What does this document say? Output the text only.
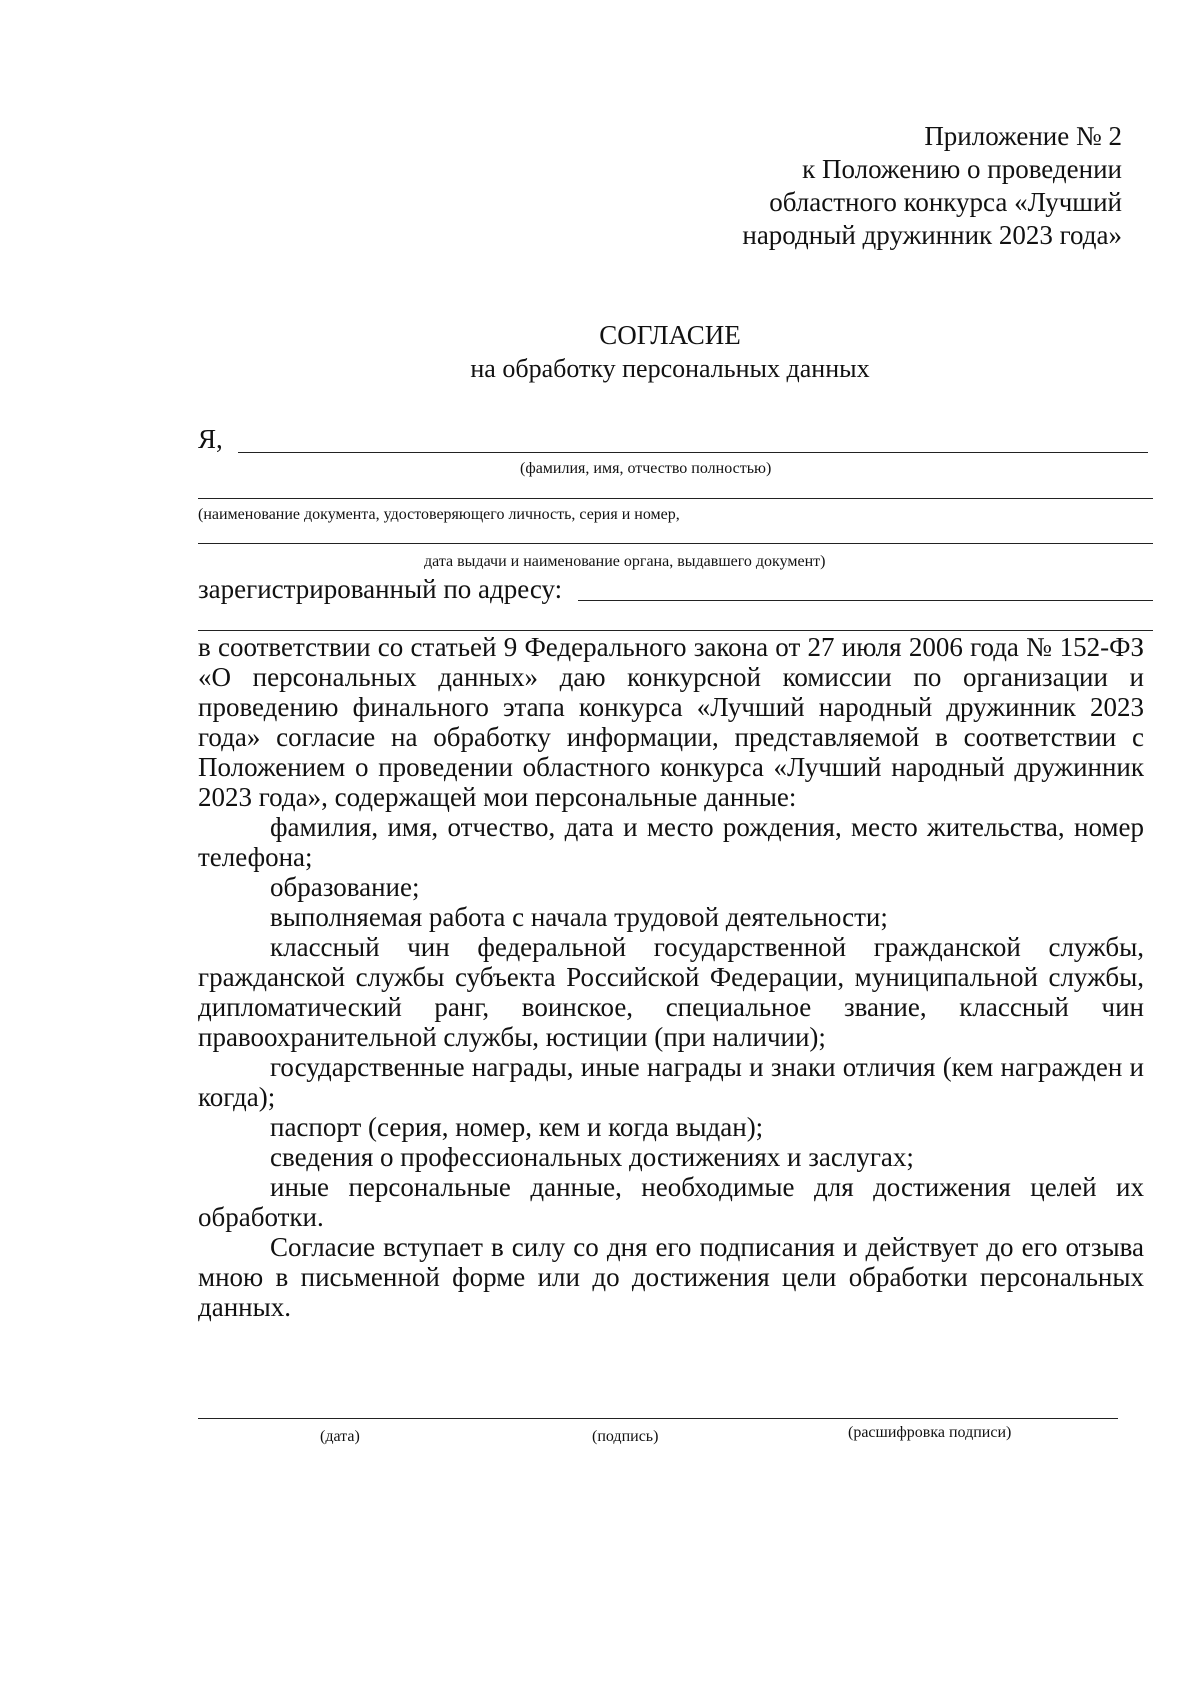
Приложение № 2
к Положению о проведении
областного конкурса «Лучший
народный дружинник 2023 года»
СОГЛАСИЕ
на обработку персональных данных
Я,
(фамилия, имя, отчество полностью)
(наименование документа, удостоверяющего личность, серия и номер,
дата выдачи и наименование органа, выдавшего документ)
зарегистрированный по адресу:

в соответствии со статьей 9 Федерального закона от 27 июля 2006 года № 152-ФЗ «О персональных данных» даю конкурсной комиссии по организации и проведению финального этапа конкурса «Лучший народный дружинник 2023 года» согласие на обработку информации, представляемой в соответствии с Положением о проведении областного конкурса «Лучший народный дружинник 2023 года», содержащей мои персональные данные:

фамилия, имя, отчество, дата и место рождения, место жительства, номер телефона;

образование;

выполняемая работа с начала трудовой деятельности;

классный чин федеральной государственной гражданской службы, гражданской службы субъекта Российской Федерации, муниципальной службы, дипломатический ранг, воинское, специальное звание, классный чин правоохранительной службы, юстиции (при наличии);

государственные награды, иные награды и знаки отличия (кем награжден и когда);

паспорт (серия, номер, кем и когда выдан);

сведения о профессиональных достижениях и заслугах;

иные персональные данные, необходимые для достижения целей их обработки.

Согласие вступает в силу со дня его подписания и действует до его отзыва мною в письменной форме или до достижения цели обработки персональных данных.

(дата)	(подпись)	(расшифровка подписи)
